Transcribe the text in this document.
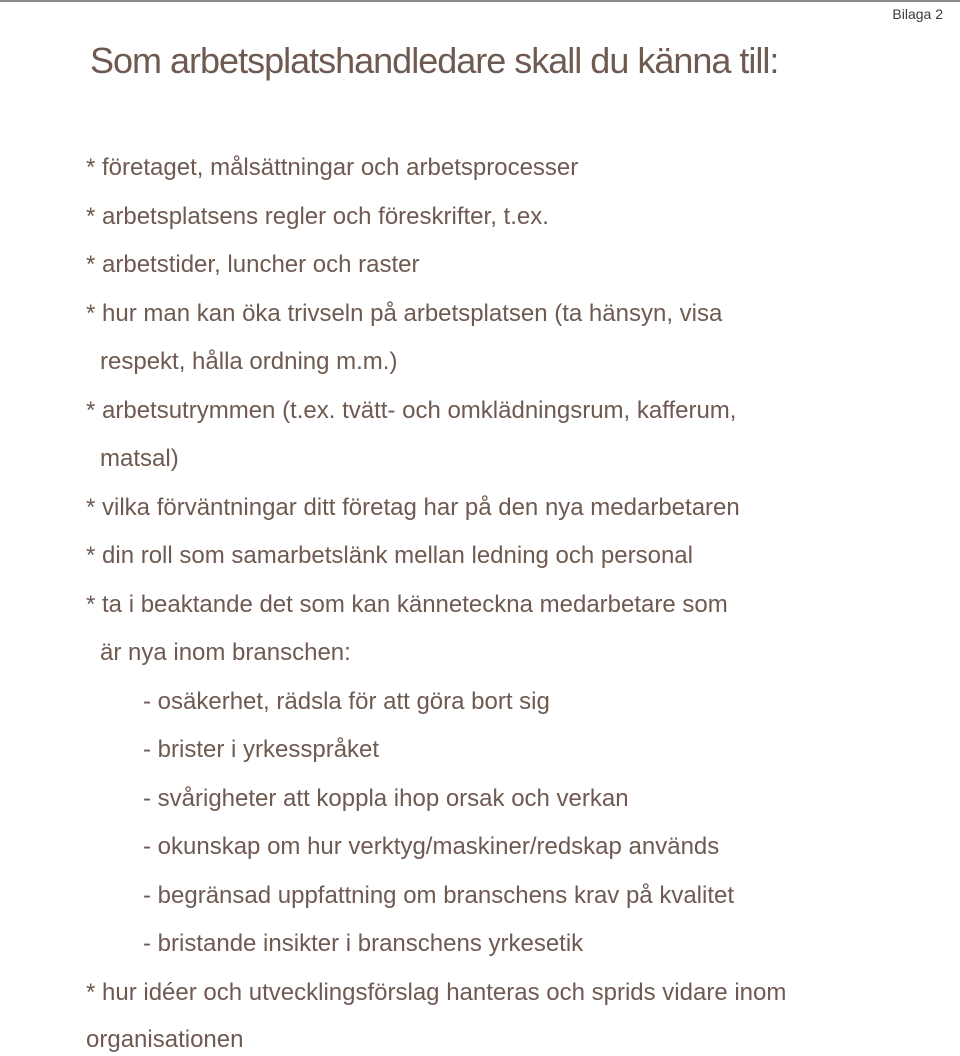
Bilaga 2
Som arbetsplatshandledare skall du känna till:
* företaget, målsättningar och arbetsprocesser
* arbetsplatsens regler och föreskrifter, t.ex.
* arbetstider, luncher och raster
* hur man kan öka trivseln på arbetsplatsen (ta hänsyn, visa
respekt, hålla ordning m.m.)
* arbetsutrymmen (t.ex. tvätt- och omklädningsrum, kafferum,
matsal)
* vilka förväntningar ditt företag har på den nya medarbetaren
* din roll som samarbetslänk mellan ledning och personal
* ta i beaktande det som kan känneteckna medarbetare som
är nya inom branschen:
- osäkerhet, rädsla för att göra bort sig
- brister i yrkesspråket
- svårigheter att koppla ihop orsak och verkan
- okunskap om hur verktyg/maskiner/redskap används
- begränsad uppfattning om branschens krav på kvalitet
- bristande insikter i branschens yrkesetik
* hur idéer och utvecklingsförslag hanteras och sprids vidare inom
organisationen
